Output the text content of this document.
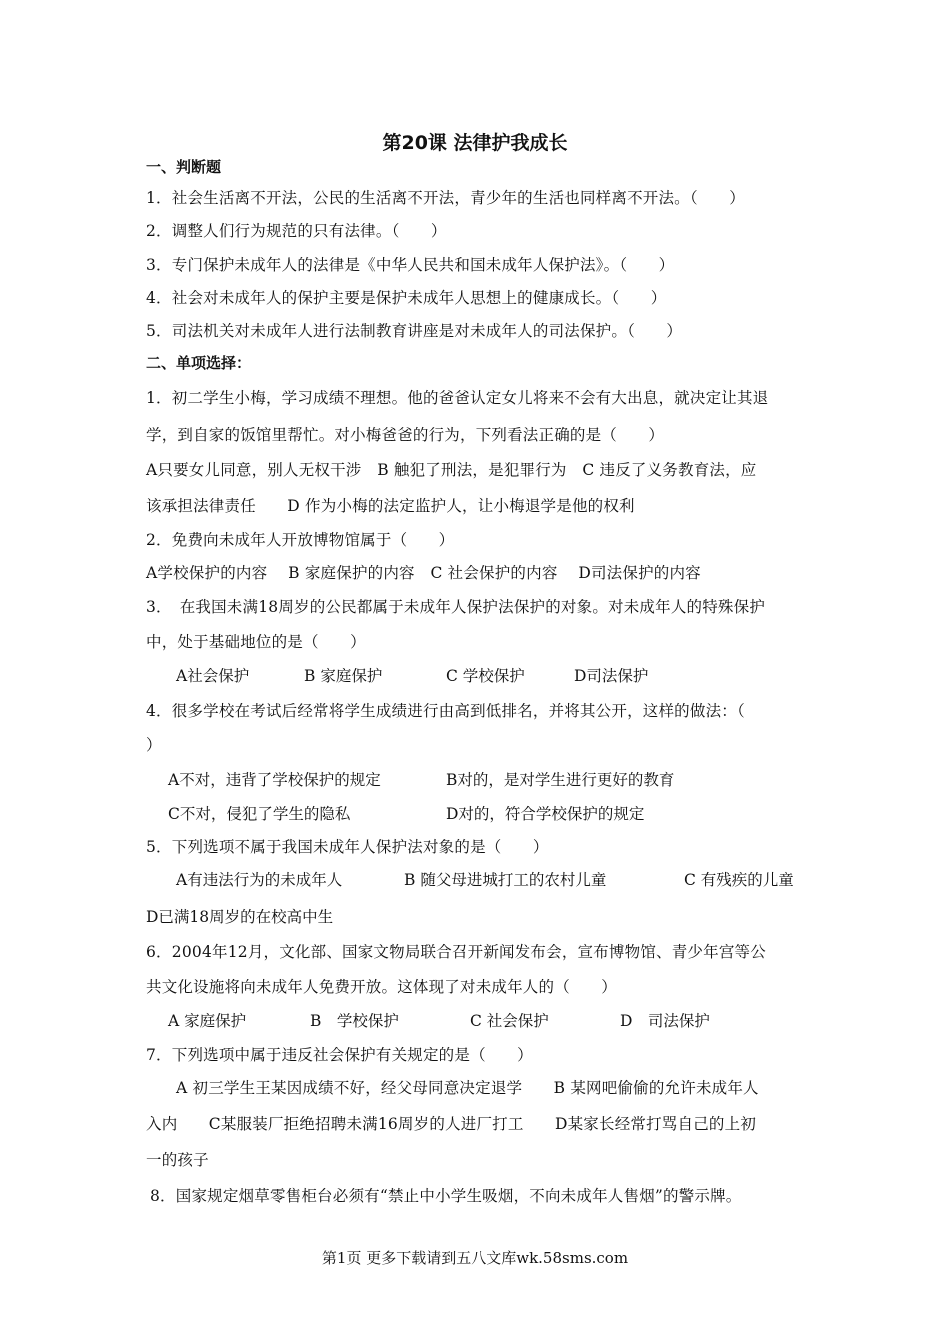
第20课 法律护我成长
一、判断题
1．社会生活离不开法，公民的生活离不开法，青少年的生活也同样离不开法。（　　）
2．调整人们行为规范的只有法律。（　　）
3．专门保护未成年人的法律是《中华人民共和国未成年人保护法》。（　　）
4．社会对未成年人的保护主要是保护未成年人思想上的健康成长。（　　）
5．司法机关对未成年人进行法制教育讲座是对未成年人的司法保护。（　　）
二、单项选择：
1．初二学生小梅，学习成绩不理想。他的爸爸认定女儿将来不会有大出息，就决定让其退
学，到自家的饭馆里帮忙。对小梅爸爸的行为，下列看法正确的是（　　）
A只要女儿同意，别人无权干涉　B 触犯了刑法，是犯罪行为　C 违反了义务教育法，应
该承担法律责任　　D 作为小梅的法定监护人，让小梅退学是他的权利
2．免费向未成年人开放博物馆属于（　　）
A学校保护的内容　 B 家庭保护的内容　C 社会保护的内容　 D司法保护的内容
3．　在我国未满18周岁的公民都属于未成年人保护法保护的对象。对未成年人的特殊保护
中，处于基础地位的是（　　）
A社会保护	B 家庭保护	C 学校保护	D司法保护
4．很多学校在考试后经常将学生成绩进行由高到低排名，并将其公开，这样的做法：（
）
A不对，违背了学校保护的规定	B对的，是对学生进行更好的教育
C不对，侵犯了学生的隐私	D对的，符合学校保护的规定
5．下列选项不属于我国未成年人保护法对象的是（　　）
A有违法行为的未成年人	B 随父母进城打工的农村儿童	C 有残疾的儿童
D已满18周岁的在校高中生
6．2004年12月，文化部、国家文物局联合召开新闻发布会，宣布博物馆、青少年宫等公
共文化设施将向未成年人免费开放。这体现了对未成年人的（　　）
A 家庭保护	B　学校保护	C 社会保护	D　司法保护
7．下列选项中属于违反社会保护有关规定的是（　　）
A 初三学生王某因成绩不好，经父母同意决定退学　　B 某网吧偷偷的允许未成年人
入内　　C某服装厂拒绝招聘未满16周岁的人进厂打工　　D某家长经常打骂自己的上初
一的孩子
8．国家规定烟草零售柜台必须有“禁止中小学生吸烟，不向未成年人售烟”的警示牌。
第1页 更多下载请到五八文库wk.58sms.com
